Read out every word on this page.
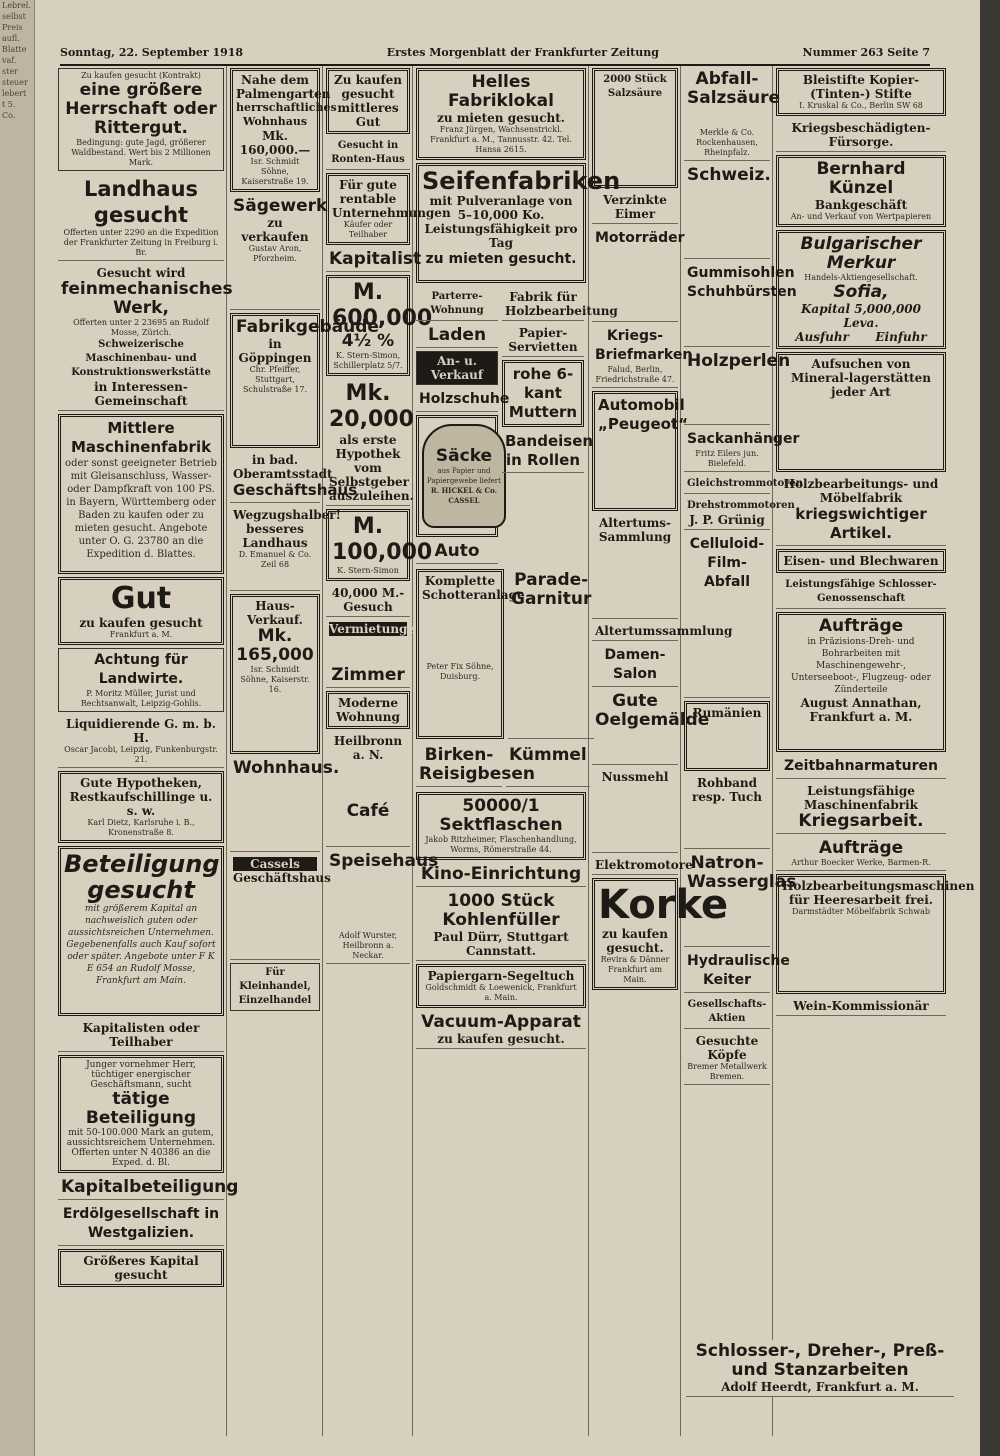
Lebrel.
selbst
Preis
aufl.
Blatte
vaf.
ster
steuer
lebert
t 5.
Co.
Sonntag, 22. September 1918	Erstes Morgenblatt der Frankfurter Zeitung	Nummer 263 Seite 7
Zu kaufen gesucht (Kontrakt)
eine größere Herrschaft oder Rittergut.
Bedingung: gute Jagd, größerer Waldbestand. Wert bis 2 Millionen Mark.
Landhaus gesucht
Offerten unter 2290 an die Expedition der Frankfurter Zeitung in Freiburg i. Br.
Gesucht wird
feinmechanisches Werk,
Offerten unter 2 23695 an Rudolf Mosse, Zürich.
Schweizerische Maschinenbau- und Konstruktionswerkstätte
in Interessen-Gemeinschaft
Mittlere Maschinenfabrik
oder sonst geeigneter Betrieb mit Gleisanschluss, Wasser- oder Dampfkraft von 100 PS. in Bayern, Württemberg oder Baden zu kaufen oder zu mieten gesucht. Angebote unter O. G. 23780 an die Expedition d. Blattes.
Gut
zu kaufen gesucht
Frankfurt a. M.
Achtung für Landwirte.
P. Moritz Müller, Jurist und Rechtsanwalt, Leipzig-Gohlis.
Liquidierende G. m. b. H.
Oscar Jacobi, Leipzig, Funkenburgstr. 21.
Gute Hypotheken, Restkaufschillinge u. s. w.
Karl Dietz, Karlsruhe i. B., Kronenstraße 8.
Beteiligung gesucht
mit größerem Kapital an nachweislich guten oder aussichtsreichen Unternehmen. Gegebenenfalls auch Kauf sofort oder später. Angebote unter F K E 654 an Rudolf Mosse, Frankfurt am Main.
Kapitalisten oder Teilhaber
Junger vornehmer Herr, tüchtiger energischer Geschäftsmann, sucht
tätige Beteiligung
mit 50-100.000 Mark an gutem, aussichtsreichem Unternehmen. Offerten unter N 40386 an die Exped. d. Bl.
Kapitalbeteiligung
Erdölgesellschaft in Westgalizien.
Größeres Kapital gesucht
Nahe dem Palmengarten
herrschaftliches Wohnhaus
Mk. 160,000.—
Isr. Schmidt Söhne, Kaiserstraße 19.
Sägewerk
zu verkaufen
Gustav Aron, Pforzheim.
Fabrikgebäude
in Göppingen
Chr. Pfeiffer, Stuttgart, Schulstraße 17.
in bad. Oberamtsstadt
Geschäftshaus
Wegzugshalber!
besseres Landhaus
D. Emanuel & Co. Zeil 68
Haus-Verkauf.
Mk. 165,000
Isr. Schmidt Söhne, Kaiserstr. 16.
Wohnhaus.
Cassels
Geschäftshaus
Für Kleinhandel, Einzelhandel
Zu kaufen gesucht mittleres Gut
Gesucht in Ronten-Haus
Für gute rentable Unternehmungen
Käufer oder Teilhaber
Kapitalist
M. 600,000
4½ %
K. Stern-Simon, Schillerplatz 5/7.
Mk. 20,000
als erste Hypothek vom Selbstgeber auszuleihen.
M. 100,000
K. Stern-Simon
40,000 M.-Gesuch
Vermietungen
Zimmer
Moderne Wohnung
Heilbronn a. N.
Café
Speisehaus
Adolf Wurster, Heilbronn a. Neckar.
Helles Fabriklokal
zu mieten gesucht.
Franz Jürgen, Wachsenstrickl. Frankfurt a. M., Tannusstr. 42. Tel. Hansa 2615.
Seifenfabriken
mit Pulveranlage von 5–10,000 Ko. Leistungsfähigkeit pro Tag
zu mieten gesucht.
Parterre-Wohnung
Laden
An- u. Verkauf
Holzschuhe
Säcke
aus Papier und Papiergewebe liefert
R. HICKEL & Co. CASSEL
Auto
Fabrik für Holzbearbeitung
Papier-Servietten
rohe 6-kant Muttern
Bandeisen in Rollen
Komplette Schotteranlage
Peter Fix Söhne, Duisburg.
Parade-Garnitur
Birken-Reisigbesen
Kümmel
50000/1 Sektflaschen
Jakob Ritzheimer, Flaschenhandlung, Worms, Römerstraße 44.
Kino-Einrichtung
1000 Stück Kohlenfüller
Paul Dürr, Stuttgart Cannstatt.
Papiergarn-Segeltuch
Goldschmidt & Loewenick, Frankfurt a. Main.
Vacuum-Apparat
zu kaufen gesucht.
2000 Stück Salzsäure
Verzinkte Eimer
Motorräder
Kriegs-Briefmarken
Falud, Berlin, Friedrichstraße 47.
Automobil „Peugeot“
Altertums-Sammlung
Altertumssammlung
Damen-Salon
Gute Oelgemälde
Nussmehl
Elektromotore
Korke
zu kaufen gesucht.
Revira & Dänner Frankfurt am Main.
Abfall-Salzsäure
Merkle & Co. Rockenhausen, Rheinpfalz.
Schweiz.
Gummisohlen Schuhbürsten
Holzperlen
Sackanhänger
Fritz Eilers jun. Bielefeld.
Gleichstrommotoren
Drehstrommotoren
J. P. Grünig
Celluloid-Film-Abfall
Rumänien
Rohband resp. Tuch
Natron-Wasserglas
Hydraulische Keiter
Gesellschafts-Aktien
Gesuchte Köpfe
Bremer Metallwerk Bremen.
Bleistifte Kopier-(Tinten-) Stifte
I. Kruskal & Co., Berlin SW 68
Kriegsbeschädigten-Fürsorge.
Bernhard Künzel
Bankgeschäft
An- und Verkauf von Wertpapieren
Bulgarischer Merkur
Handels-Aktiengesellschaft.
Sofia,
Kapital 5,000,000 Leva.
Ausfuhr Einfuhr
Aufsuchen von Mineral-lagerstätten jeder Art
Holzbearbeitungs- und Möbelfabrik
kriegswichtiger Artikel.
Eisen- und Blechwaren
Leistungsfähige Schlosser-Genossenschaft
Aufträge
in Präzisions-Dreh- und Bohrarbeiten mit Maschinengewehr-, Unterseeboot-, Flugzeug- oder Zünderteile
August Annathan, Frankfurt a. M.
Zeitbahnarmaturen
Leistungsfähige Maschinenfabrik
Kriegsarbeit.
Aufträge
Arthur Boecker Werke, Barmen-R.
Holzbearbeitungsmaschinen für Heeresarbeit frei.
Darmstädter Möbelfabrik Schwab
Wein-Kommissionär
Schlosser-, Dreher-, Preß- und Stanzarbeiten
Adolf Heerdt, Frankfurt a. M.
